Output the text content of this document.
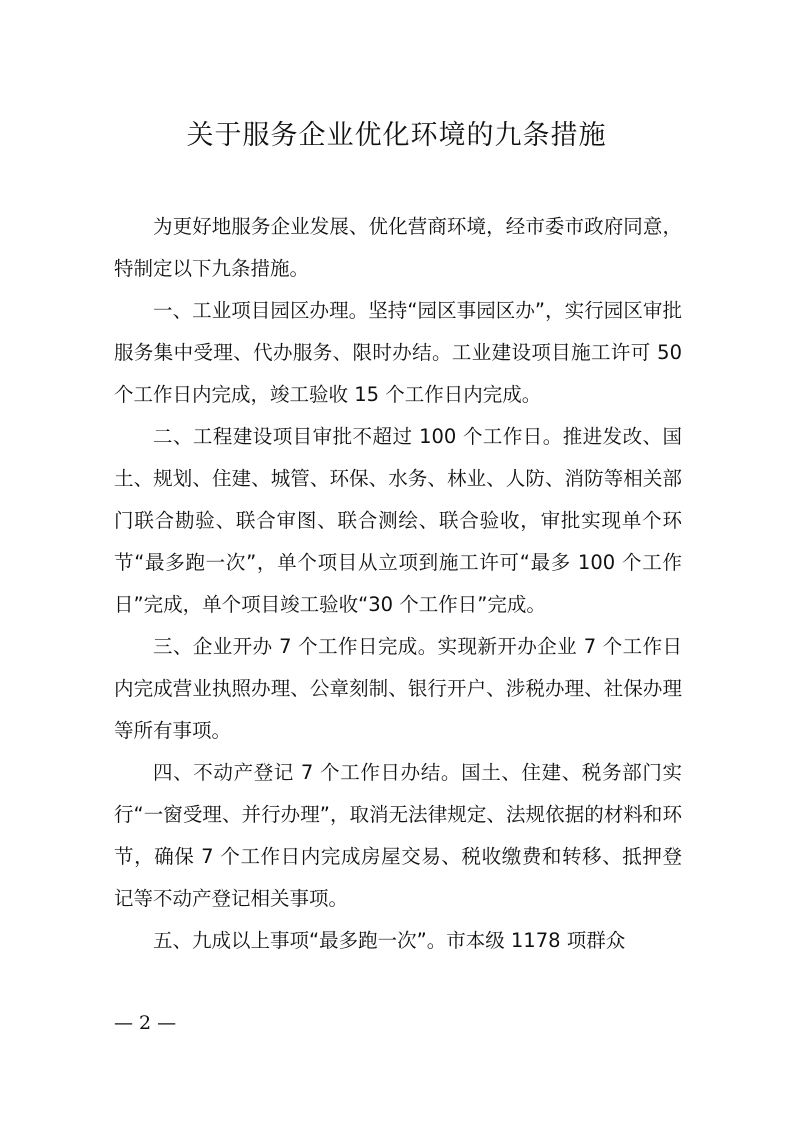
关于服务企业优化环境的九条措施

为更好地服务企业发展、优化营商环境，经市委市政府同意，特制定以下九条措施。

一、工业项目园区办理。坚持“园区事园区办”，实行园区审批服务集中受理、代办服务、限时办结。工业建设项目施工许可 50 个工作日内完成，竣工验收 15 个工作日内完成。

二、工程建设项目审批不超过 100 个工作日。推进发改、国土、规划、住建、城管、环保、水务、林业、人防、消防等相关部门联合勘验、联合审图、联合测绘、联合验收，审批实现单个环节“最多跑一次”，单个项目从立项到施工许可“最多 100 个工作日”完成，单个项目竣工验收“30 个工作日”完成。

三、企业开办 7 个工作日完成。实现新开办企业 7 个工作日内完成营业执照办理、公章刻制、银行开户、涉税办理、社保办理等所有事项。

四、不动产登记 7 个工作日办结。国土、住建、税务部门实行“一窗受理、并行办理”，取消无法律规定、法规依据的材料和环节，确保 7 个工作日内完成房屋交易、税收缴费和转移、抵押登记等不动产登记相关事项。

五、九成以上事项“最多跑一次”。市本级 1178 项群众

— 2 —
